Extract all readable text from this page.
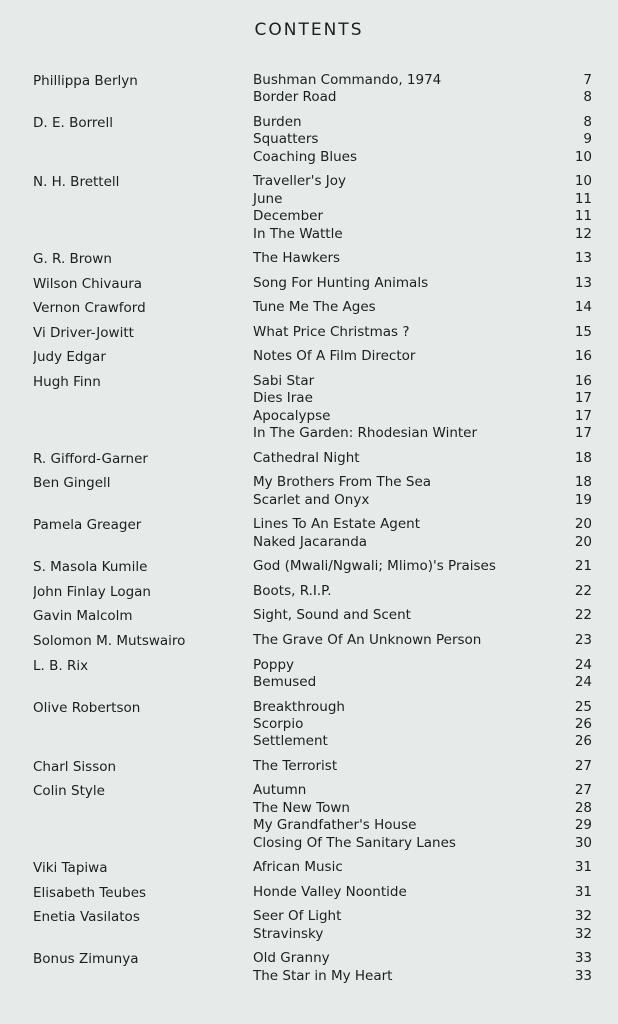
CONTENTS
Phillippa Berlyn	Bushman Commando, 1974	7
Border Road	8
D. E. Borrell	Burden	8
Squatters	9
Coaching Blues	10
N. H. Brettell	Traveller's Joy	10
June	11
December	11
In The Wattle	12
G. R. Brown	The Hawkers	13
Wilson Chivaura	Song For Hunting Animals	13
Vernon Crawford	Tune Me The Ages	14
Vi Driver-Jowitt	What Price Christmas ?	15
Judy Edgar	Notes Of A Film Director	16
Hugh Finn	Sabi Star	16
Dies Irae	17
Apocalypse	17
In The Garden: Rhodesian Winter	17
R. Gifford-Garner	Cathedral Night	18
Ben Gingell	My Brothers From The Sea	18
Scarlet and Onyx	19
Pamela Greager	Lines To An Estate Agent	20
Naked Jacaranda	20
S. Masola Kumile	God (Mwali/Ngwali; Mlimo)'s Praises	21
John Finlay Logan	Boots, R.I.P.	22
Gavin Malcolm	Sight, Sound and Scent	22
Solomon M. Mutswairo	The Grave Of An Unknown Person	23
L. B. Rix	Poppy	24
Bemused	24
Olive Robertson	Breakthrough	25
Scorpio	26
Settlement	26
Charl Sisson	The Terrorist	27
Colin Style	Autumn	27
The New Town	28
My Grandfather's House	29
Closing Of The Sanitary Lanes	30
Viki Tapiwa	African Music	31
Elisabeth Teubes	Honde Valley Noontide	31
Enetia Vasilatos	Seer Of Light	32
Stravinsky	32
Bonus Zimunya	Old Granny	33
The Star in My Heart	33
